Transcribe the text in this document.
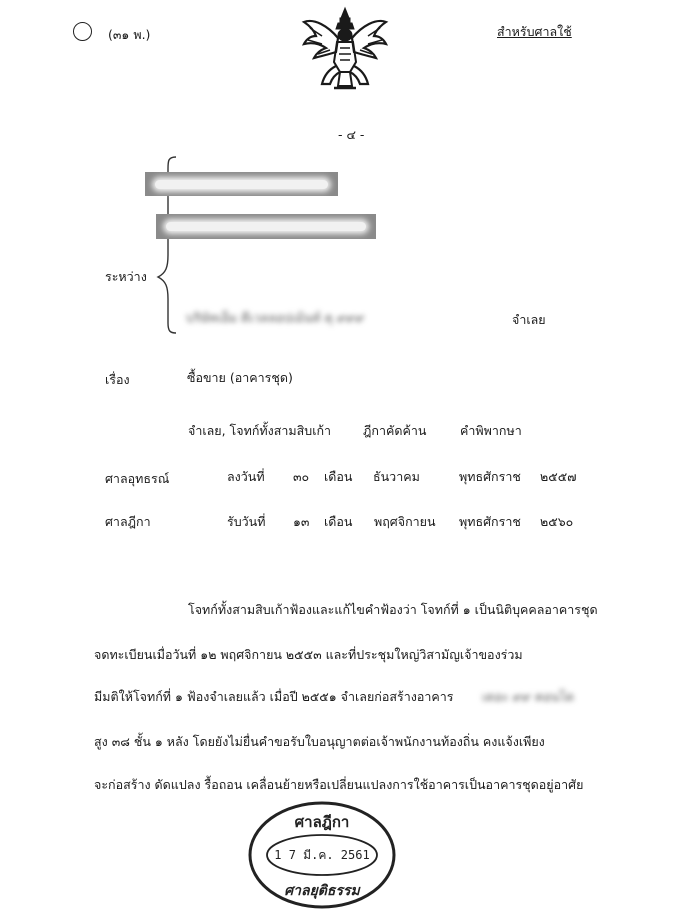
(๓๑ พ.)	สำหรับศาลใช้
- ๔ -
ระหว่าง
บริษัทเอ็ม ดีเวลลอปเม้นท์ คุ ๙๙๙	จำเลย
เรื่อง	ซื้อขาย (อาคารชุด)
จำเลย, โจทก์ทั้งสามสิบเก้า	ฎีกาคัดค้าน	คำพิพากษา
ศาลอุทธรณ์	ลงวันที่ ๓๐ เดือน ธันวาคม	พุทธศักราช ๒๕๕๗
ศาลฎีกา	รับวันที่ ๑๓ เดือน พฤศจิกายน พุทธศักราช ๒๕๖๐
โจทก์ทั้งสามสิบเก้าฟ้องและแก้ไขคำฟ้องว่า โจทก์ที่ ๑ เป็นนิติบุคคลอาคารชุด
จดทะเบียนเมื่อวันที่ ๑๒ พฤศจิกายน ๒๕๕๓ และที่ประชุมใหญ่วิสามัญเจ้าของร่วม
มีมติให้โจทก์ที่ ๑ ฟ้องจำเลยแล้ว เมื่อปี ๒๕๕๑ จำเลยก่อสร้างอาคาร เดอะ ๙๙ คอนโด
สูง ๓๘ ชั้น ๑ หลัง โดยยังไม่ยื่นคำขอรับใบอนุญาตต่อเจ้าพนักงานท้องถิ่น คงแจ้งเพียง
จะก่อสร้าง ดัดแปลง รื้อถอน เคลื่อนย้ายหรือเปลี่ยนแปลงการใช้อาคารเป็นอาคารชุดอยู่อาศัย
ศาลฎีกา
1 7 มี.ค. 2561
ศาลยุติธรรม
